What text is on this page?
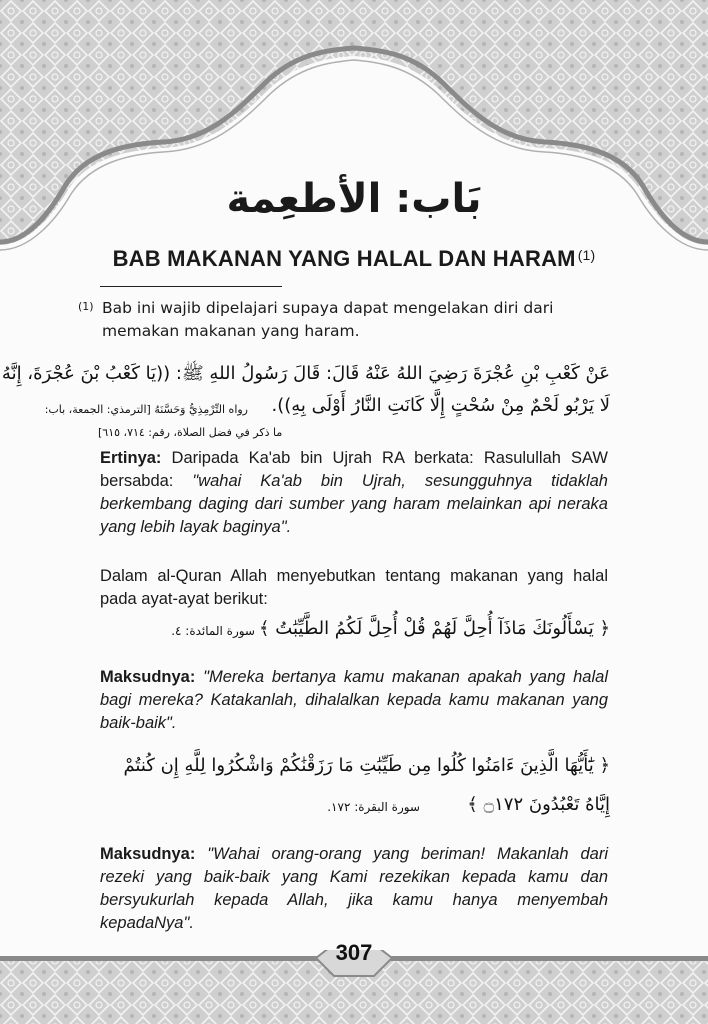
بَاب: الأطعِمة
BAB MAKANAN YANG HALAL DAN HARAM $^{(1)}$
(1) Bab ini wajib dipelajari supaya dapat mengelakan diri dari memakan makanan yang haram.
عَنْ كَعْبِ بْنِ عُجْرَةَ رَضِيَ اللهُ عَنْهُ قَالَ: قَالَ رَسُولُ اللهِ ﷺ: ((يَا كَعْبُ بْنَ عُجْرَةَ، إِنَّهُ
لَا يَرْبُو لَحْمٌ مِنْ سُحْتٍ إِلَّا كَانَتِ النَّارُ أَوْلَى بِهِ)).
رواه التِّرْمِذِيُّ وَحَسَّنَهُ [الترمذي: الجمعة، باب:
ما ذكر في فضل الصلاة، رقم: ٧١٤، ٦١٥]
Ertinya: Daripada Ka'ab bin Ujrah RA berkata: Rasulullah SAW bersabda: "wahai Ka'ab bin Ujrah, sesungguhnya tidaklah berkembang daging dari sumber yang haram melainkan api neraka yang lebih layak baginya".
Dalam al-Quran Allah menyebutkan tentang makanan yang halal pada ayat-ayat berikut:
﴿ يَسْأَلُونَكَ مَاذَآ أُحِلَّ لَهُمْ قُلْ أُحِلَّ لَكُمُ الطَّيِّبَٰتُ ﴾
سورة المائدة: ٤.
Maksudnya: "Mereka bertanya kamu makanan apakah yang halal bagi mereka? Katakanlah, dihalalkan kepada kamu makanan yang baik-baik".
﴿ يَٰٓأَيُّهَا الَّذِينَ ءَامَنُوا كُلُوا مِن طَيِّبَٰتِ مَا رَزَقْنَٰكُمْ وَاشْكُرُوا لِلَّهِ إِن كُنتُمْ
إِيَّاهُ تَعْبُدُونَ ۝١٧٢ ﴾
سورة البقرة: ١٧٢.
Maksudnya: "Wahai orang-orang yang beriman! Makanlah dari rezeki yang baik-baik yang Kami rezekikan kepada kamu dan bersyukurlah kepada Allah, jika kamu hanya menyembah kepadaNya".
307
